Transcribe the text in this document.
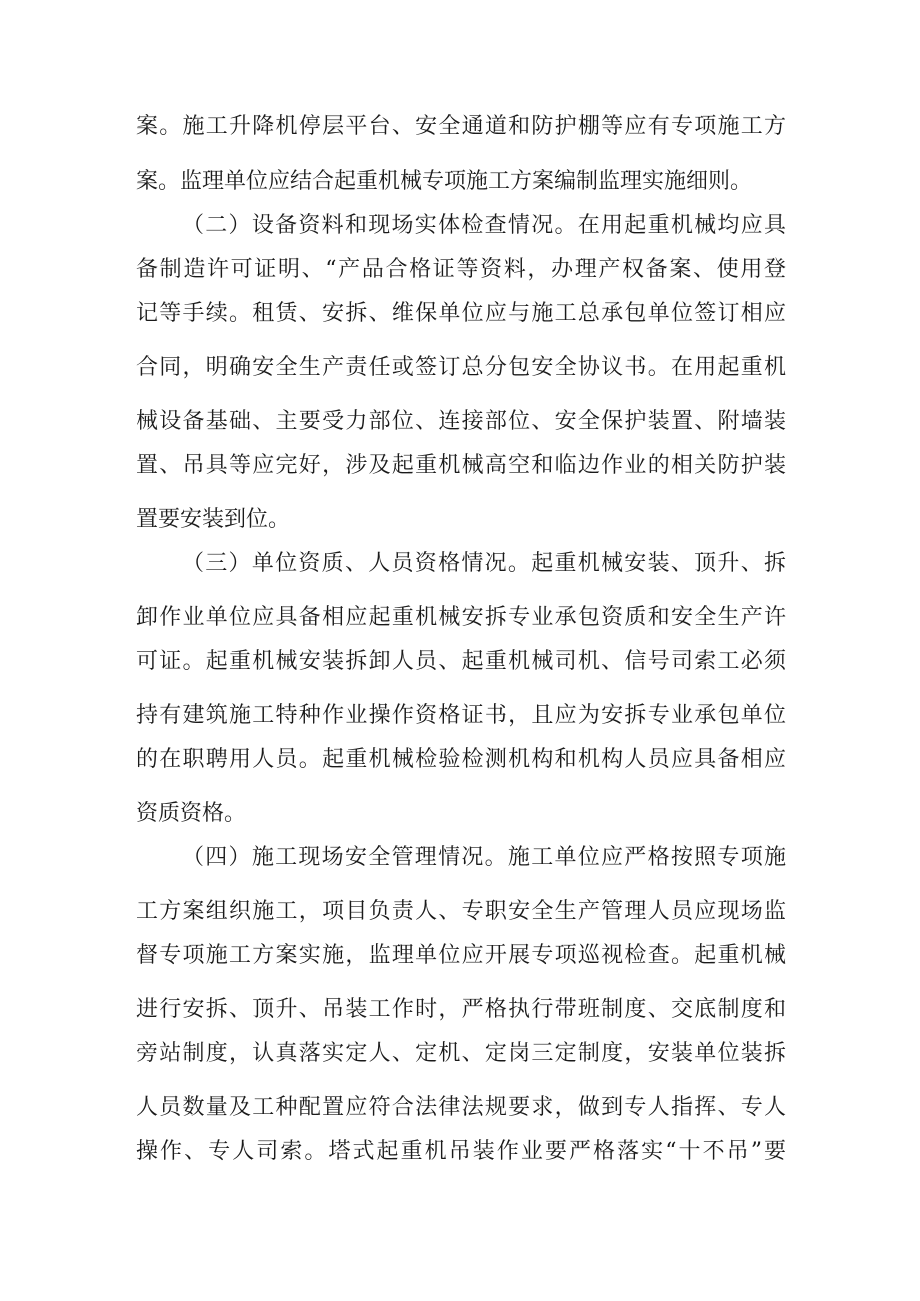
案。施工升降机停层平台、安全通道和防护棚等应有专项施工方
案。监理单位应结合起重机械专项施工方案编制监理实施细则。
（二）设备资料和现场实体检查情况。在用起重机械均应具
备制造许可证明、“产品合格证等资料，办理产权备案、使用登
记等手续。租赁、安拆、维保单位应与施工总承包单位签订相应
合同，明确安全生产责任或签订总分包安全协议书。在用起重机
械设备基础、主要受力部位、连接部位、安全保护装置、附墙装
置、吊具等应完好，涉及起重机械高空和临边作业的相关防护装
置要安装到位。
（三）单位资质、人员资格情况。起重机械安装、顶升、拆
卸作业单位应具备相应起重机械安拆专业承包资质和安全生产许
可证。起重机械安装拆卸人员、起重机械司机、信号司索工必须
持有建筑施工特种作业操作资格证书，且应为安拆专业承包单位
的在职聘用人员。起重机械检验检测机构和机构人员应具备相应
资质资格。
（四）施工现场安全管理情况。施工单位应严格按照专项施
工方案组织施工，项目负责人、专职安全生产管理人员应现场监
督专项施工方案实施，监理单位应开展专项巡视检查。起重机械
进行安拆、顶升、吊装工作时，严格执行带班制度、交底制度和
旁站制度，认真落实定人、定机、定岗三定制度，安装单位装拆
人员数量及工种配置应符合法律法规要求，做到专人指挥、专人
操作、专人司索。塔式起重机吊装作业要严格落实“十不吊”要
